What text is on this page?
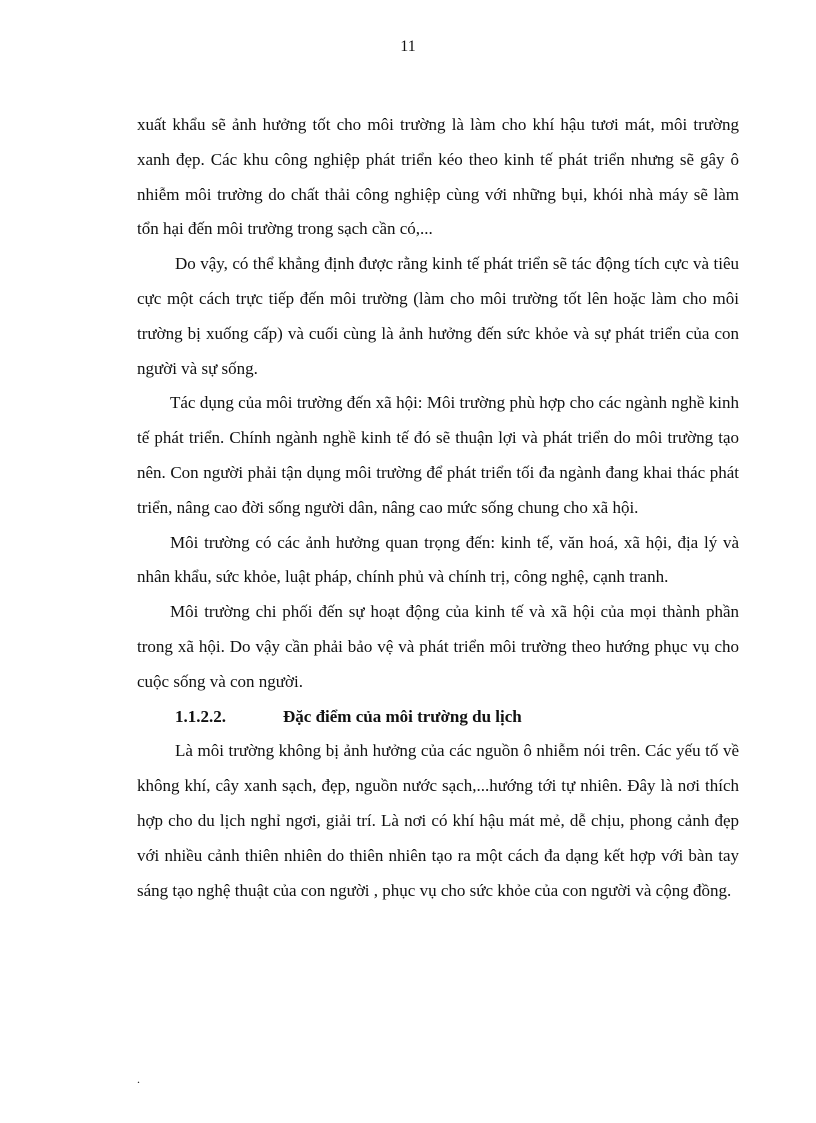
11

xuất khẩu sẽ ảnh hưởng tốt cho môi trường là làm cho khí hậu tươi mát, môi trường xanh đẹp. Các khu công nghiệp phát triển kéo theo kinh tế phát triển nhưng sẽ gây ô nhiễm môi trường do chất thải công nghiệp cùng với những bụi, khói nhà máy sẽ làm tổn hại đến môi trường trong sạch cần có,...

Do vậy, có thể khẳng định được rằng kinh tế phát triển sẽ tác động tích cực và tiêu cực một cách trực tiếp đến môi trường (làm cho môi trường tốt lên hoặc làm cho môi trường bị xuống cấp) và cuối cùng là ảnh hưởng đến sức khỏe và sự phát triển của con người và sự sống.

Tác dụng của môi trường đến xã hội: Môi trường phù hợp cho các ngành nghề kinh tế phát triển. Chính ngành nghề kinh tế đó sẽ thuận lợi và phát triển do môi trường tạo nên. Con người phải tận dụng môi trường để phát triển tối đa ngành đang khai thác phát triển, nâng cao đời sống người dân, nâng cao mức sống chung cho xã hội.

Môi trường có các ảnh hưởng quan trọng đến: kinh tế, văn hoá, xã hội, địa lý và nhân khẩu, sức khỏe, luật pháp, chính phủ và chính trị, công nghệ, cạnh tranh.

Môi trường chi phối đến sự hoạt động của kinh tế và xã hội của mọi thành phần trong xã hội. Do vậy cần phải bảo vệ và phát triển môi trường theo hướng phục vụ cho cuộc sống và con người.

1.1.2.2.	Đặc điểm của môi trường du lịch

Là môi trường không bị ảnh hưởng của các nguồn ô nhiễm nói trên. Các yếu tố về không khí, cây xanh sạch, đẹp, nguồn nước sạch,...hướng tới tự nhiên. Đây là nơi thích hợp cho du lịch nghỉ ngơi, giải trí. Là nơi có khí hậu mát mẻ, dễ chịu, phong cảnh đẹp với nhiều cảnh thiên nhiên do thiên nhiên tạo ra một cách đa dạng kết hợp với bàn tay sáng tạo nghệ thuật của con người , phục vụ cho sức khỏe của con người và cộng đồng.

.
